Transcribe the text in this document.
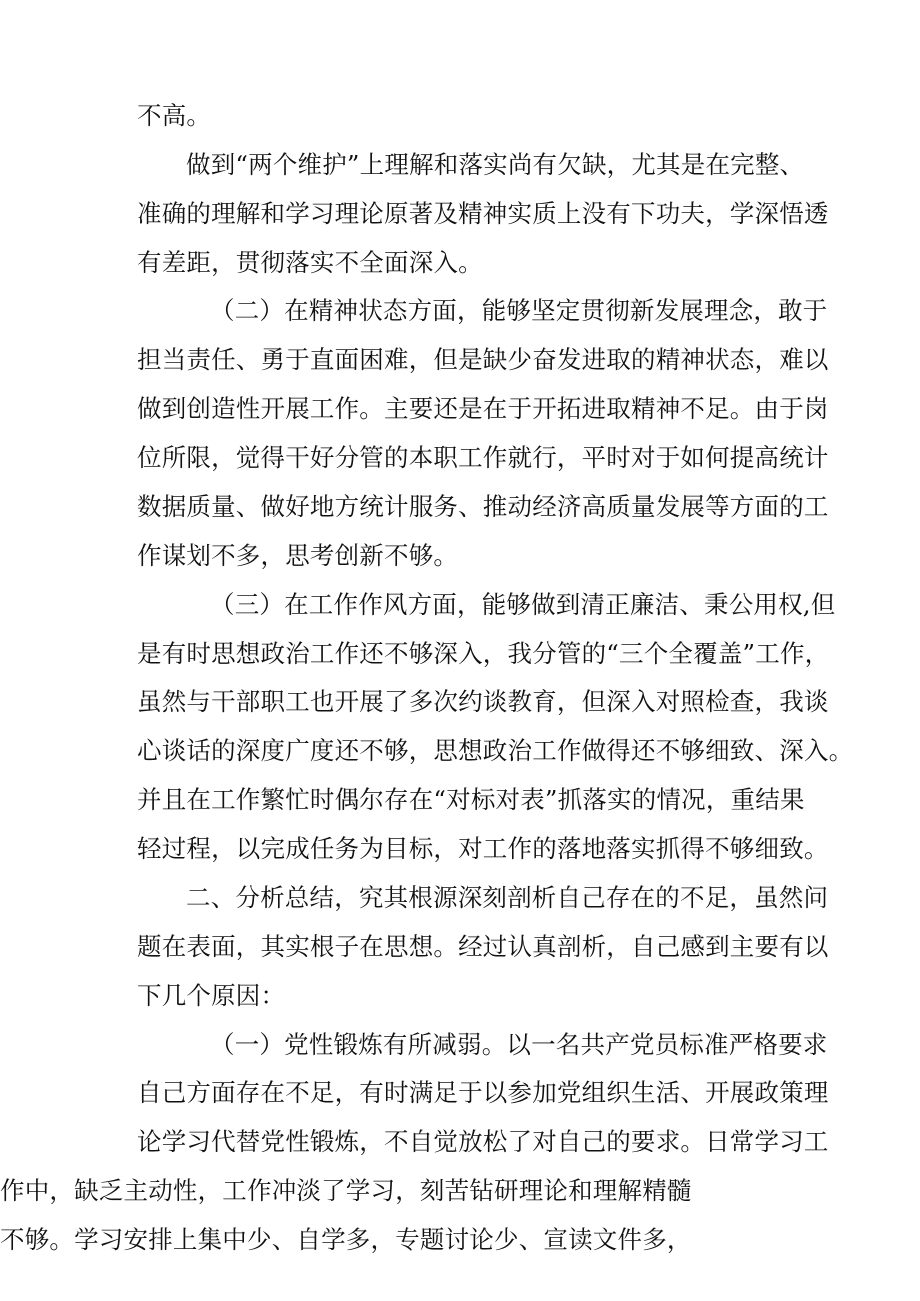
不高。
做到“两个维护”上理解和落实尚有欠缺，尤其是在完整、
准确的理解和学习理论原著及精神实质上没有下功夫，学深悟透
有差距，贯彻落实不全面深入。
（二）在精神状态方面，能够坚定贯彻新发展理念，敢于
担当责任、勇于直面困难，但是缺少奋发进取的精神状态，难以
做到创造性开展工作。主要还是在于开拓进取精神不足。由于岗
位所限，觉得干好分管的本职工作就行，平时对于如何提高统计
数据质量、做好地方统计服务、推动经济高质量发展等方面的工
作谋划不多，思考创新不够。
（三）在工作作风方面，能够做到清正廉洁、秉公用权,但
是有时思想政治工作还不够深入，我分管的“三个全覆盖”工作，
虽然与干部职工也开展了多次约谈教育，但深入对照检查，我谈
心谈话的深度广度还不够，思想政治工作做得还不够细致、深入。
并且在工作繁忙时偶尔存在“对标对表”抓落实的情况，重结果
轻过程，以完成任务为目标，对工作的落地落实抓得不够细致。
二、分析总结，究其根源深刻剖析自己存在的不足，虽然问
题在表面，其实根子在思想。经过认真剖析，自己感到主要有以
下几个原因：
（一）党性锻炼有所减弱。以一名共产党员标准严格要求
自己方面存在不足，有时满足于以参加党组织生活、开展政策理
论学习代替党性锻炼，不自觉放松了对自己的要求。日常学习工
作中，缺乏主动性，工作冲淡了学习，刻苦钻研理论和理解精髓
不够。学习安排上集中少、自学多，专题讨论少、宣读文件多，
